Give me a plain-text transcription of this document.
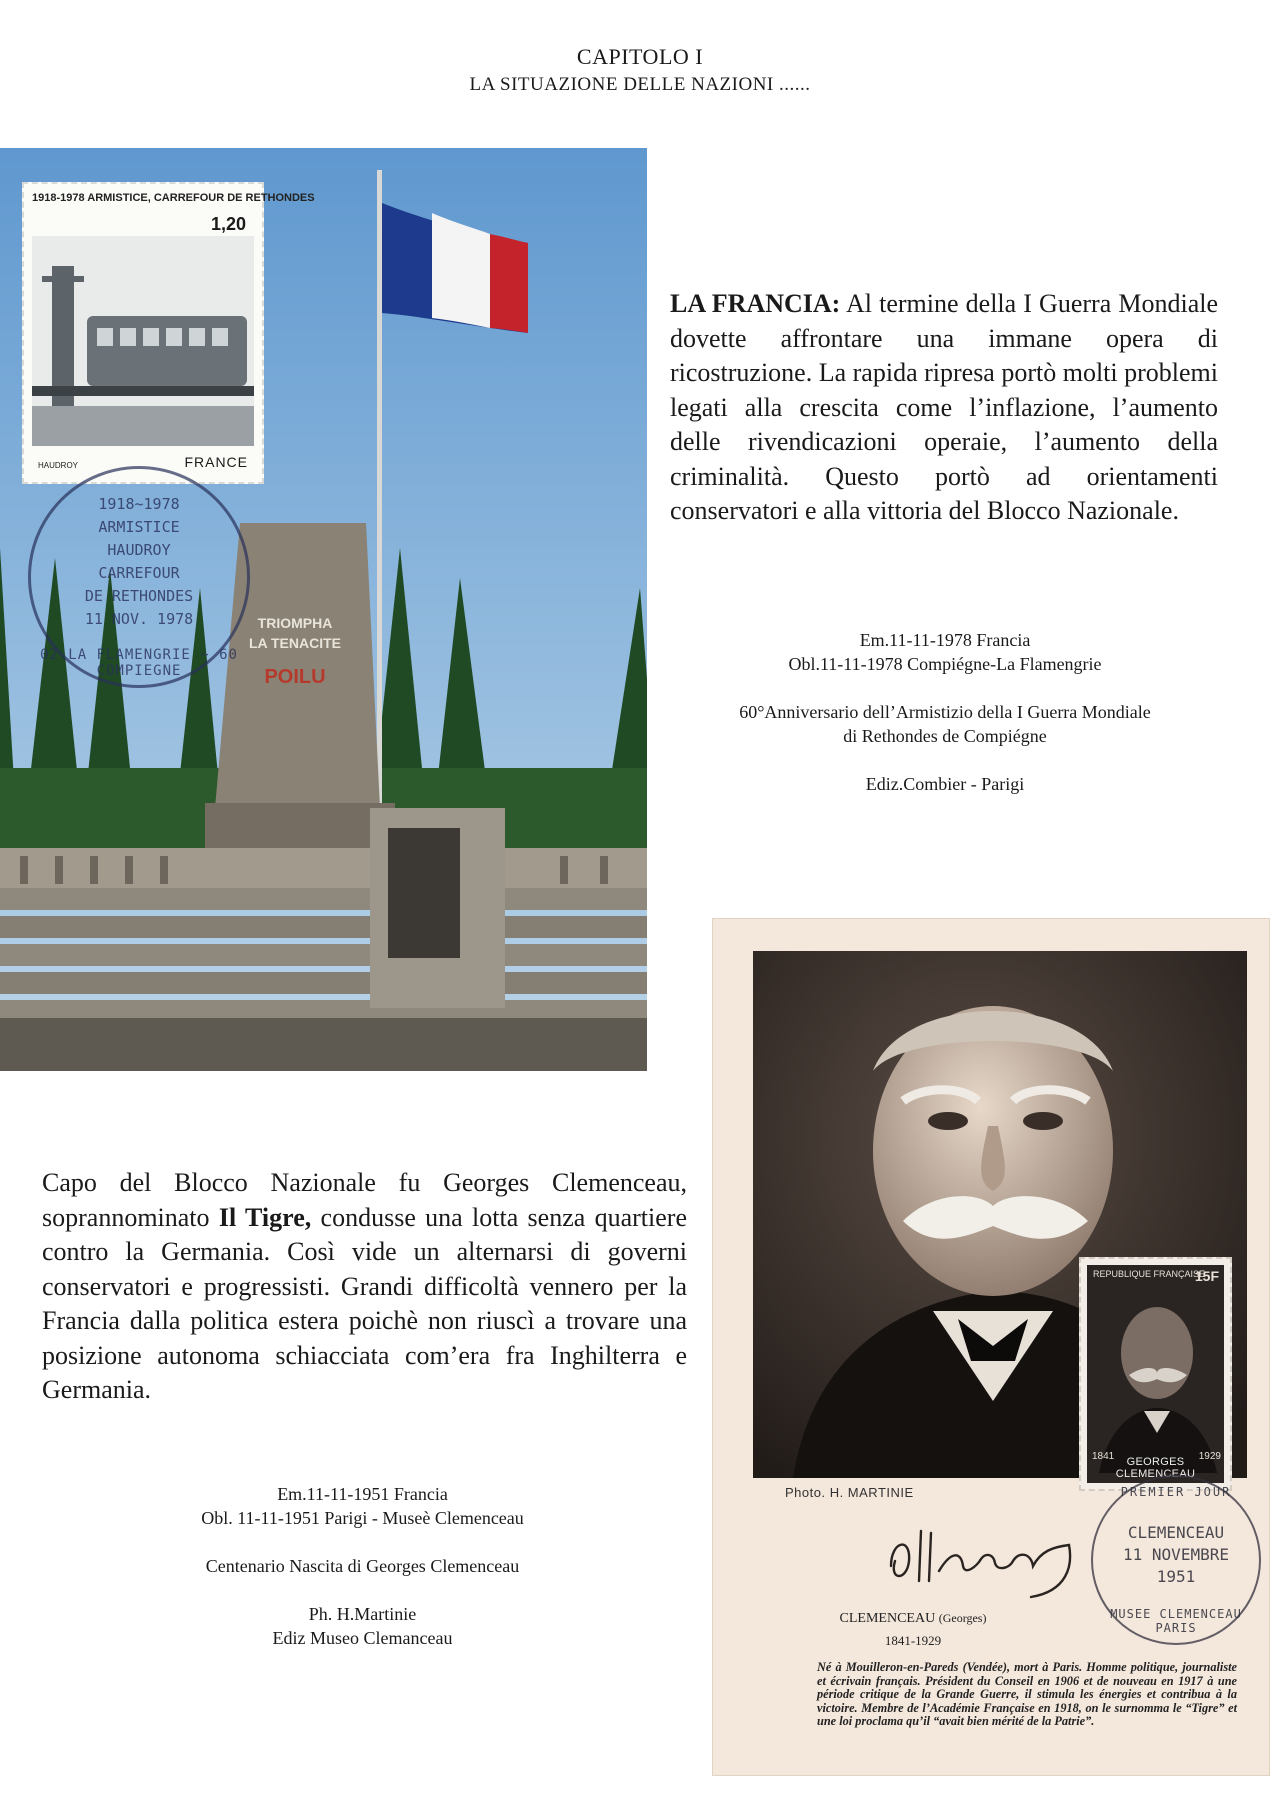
CAPITOLO I
LA SITUAZIONE DELLE NAZIONI ......
TRIOMPHA
LA TENACITE
POILU
1918-1978 ARMISTICE, CARREFOUR DE RETHONDES
1,20
HAUDROY	FRANCE
1918~1978
ARMISTICE
HAUDROY
CARREFOUR
DE RETHONDES
11 NOV. 1978
02 LA FLAMENGRIE ~ 60 COMPIEGNE
LA FRANCIA: Al termine della I Guerra Mondiale dovette affrontare una immane opera di ricostruzione. La rapida ripresa portò molti problemi legati alla crescita come l’inflazione, l’aumento delle rivendicazioni operaie, l’aumento della criminalità. Questo portò ad orientamenti conservatori e alla vittoria del Blocco Nazionale.

Em.11-11-1978 Francia

Obl.11-11-1978 Compiégne-La Flamengrie

60°Anniversario dell’Armistizio della I Guerra Mondiale

di Rethondes de Compiégne

Ediz.Combier - Parigi

REPUBLIQUE FRANÇAISE
15F
1841	1929
GEORGES CLEMENCEAU
Photo. H. MARTINIE
CLEMENCEAU (Georges)
1841-1929
Né à Mouilleron-en-Pareds (Vendée), mort à Paris. Homme politique, journaliste et écrivain français. Président du Conseil en 1906 et de nouveau en 1917 à une période critique de la Grande Guerre, il stimula les énergies et contribua à la victoire. Membre de l’Académie Française en 1918, on le surnomma le “Tigre” et une loi proclama qu’il “avait bien mérité de la Patrie”.
PREMIER JOUR
CLEMENCEAU
11 NOVEMBRE
1951
MUSEE CLEMENCEAU PARIS
Capo del Blocco Nazionale fu Georges Clemenceau, soprannominato Il Tigre, condusse una lotta senza quartiere contro la Germania. Così vide un alternarsi di governi conservatori e progressisti. Grandi difficoltà vennero per la Francia dalla politica estera poichè non riuscì a trovare una posizione autonoma schiacciata com’era fra Inghilterra e Germania.

Em.11-11-1951 Francia

Obl. 11-11-1951 Parigi - Museè Clemenceau

Centenario Nascita di Georges Clemenceau

Ph. H.Martinie

Ediz Museo Clemanceau
